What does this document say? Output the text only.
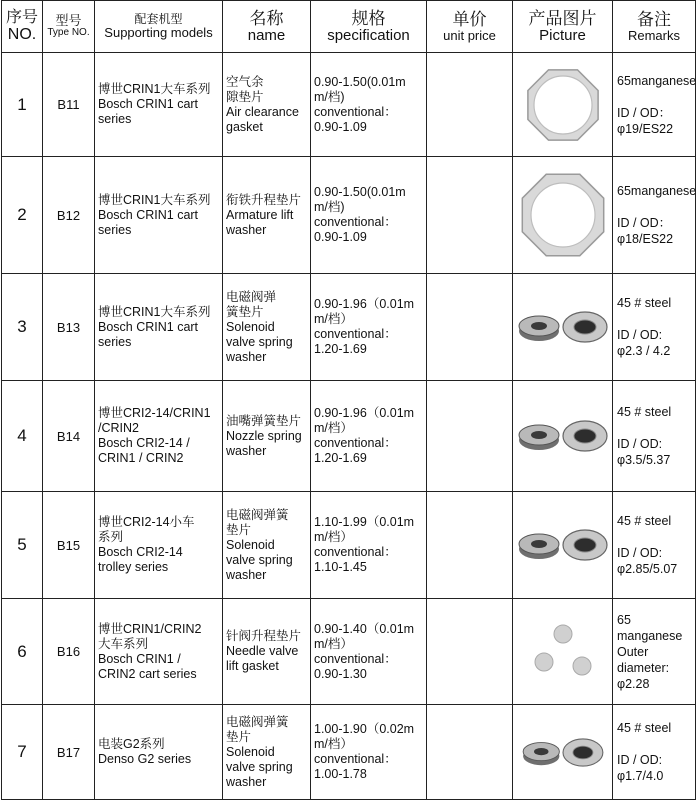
序号
NO.	型号
Type NO.	配套机型
Supporting models	名称
name	规格
specification	单价
unit price	产品图片
Picture	备注
Remarks

1	B11	博世CRIN1大车系列
Bosch CRIN1 cart series	空气余
隙垫片
Air clearance gasket	0.90-1.50(0.01m m/档)
conventional：
0.90-1.09			65manganese

ID / OD：
φ19/ES22
2	B12	博世CRIN1大车系列
Bosch CRIN1 cart series	衔铁升程垫片
Armature lift washer	0.90-1.50(0.01m m/档)
conventional：
0.90-1.09			65manganese

ID / OD：
φ18/ES22
3	B13	博世CRIN1大车系列
Bosch CRIN1 cart series	电磁阀弹
簧垫片
Solenoid valve spring washer	0.90-1.96（0.01m m/档）
conventional：
1.20-1.69			45 # steel

ID / OD:
φ2.3 / 4.2
4	B14	博世CRI2-14/CRIN1 /CRIN2
Bosch CRI2-14 / CRIN1 / CRIN2	油嘴弹簧垫片
Nozzle spring washer	0.90-1.96（0.01m m/档）
conventional：
1.20-1.69			45 # steel

ID / OD:
φ3.5/5.37
5	B15	博世CRI2-14小车
系列
Bosch CRI2-14 trolley series	电磁阀弹簧
垫片
Solenoid valve spring washer	1.10-1.99（0.01m m/档）
conventional：
1.10-1.45			45 # steel

ID / OD:
φ2.85/5.07
6	B16	博世CRIN1/CRIN2
大车系列
Bosch CRIN1 / CRIN2 cart series	针阀升程垫片
Needle valve lift gasket	0.90-1.40（0.01m m/档）
conventional：
0.90-1.30			65
manganese
Outer
diameter:
φ2.28
7	B17	电装G2系列
Denso G2 series	电磁阀弹簧
垫片
Solenoid valve spring washer	1.00-1.90（0.02m m/档）
conventional：
1.00-1.78			45 # steel

ID / OD:
φ1.7/4.0
